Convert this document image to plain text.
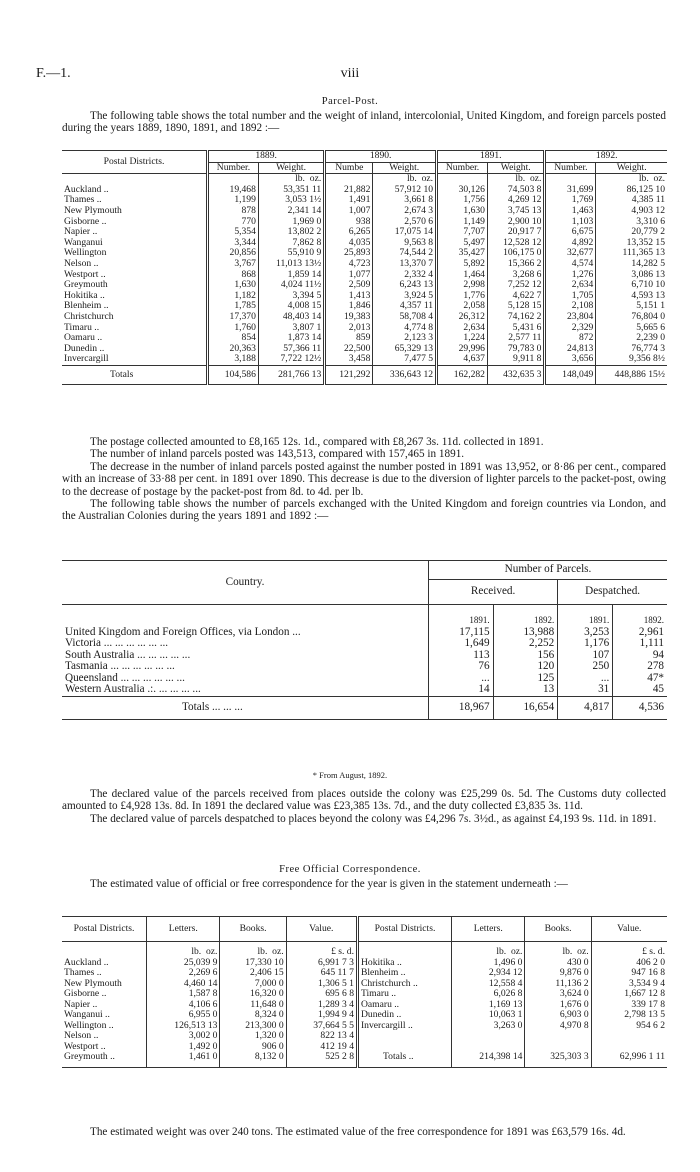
F.—1.	viii
Parcel-Post.
The following table shows the total number and the weight of inland, intercolonial, United Kingdom, and foreign parcels posted during the years 1889, 1890, 1891, and 1892 :—
Postal Districts.	1889.		1890.		1891.		1892.	
	Number.	Weight.	Numbe	Weight.	Number.	Weight.	Number.	Weight.
		lb. oz.		lb. oz.		lb. oz.		lb. oz.
Auckland ..	19,468	53,351 11	21,882	57,912 10	30,126	74,503 8	31,699	86,125 10
Thames ..	1,199	3,053 1½	1,491	3,661 8	1,756	4,269 12	1,769	4,385 11
New Plymouth	878	2,341 14	1,007	2,674 3	1,630	3,745 13	1,463	4,903 12
Gisborne ..	770	1,969 0	938	2,570 6	1,149	2,900 10	1,103	3,310 6
Napier ..	5,354	13,802 2	6,265	17,075 14	7,707	20,917 7	6,675	20,779 2
Wanganui	3,344	7,862 8	4,035	9,563 8	5,497	12,528 12	4,892	13,352 15
Wellington	20,856	55,910 9	25,893	74,544 2	35,427	106,175 0	32,677	111,365 13
Nelson ..	3,767	11,013 13½	4,723	13,370 7	5,892	15,366 2	4,574	14,282 5
Westport ..	868	1,859 14	1,077	2,332 4	1,464	3,268 6	1,276	3,086 13
Greymouth	1,630	4,024 11½	2,509	6,243 13	2,998	7,252 12	2,634	6,710 10
Hokitika ..	1,182	3,394 5	1,413	3,924 5	1,776	4,622 7	1,705	4,593 13
Blenheim ..	1,785	4,008 15	1,846	4,357 11	2,058	5,128 15	2,108	5,151 1
Christchurch	17,370	48,403 14	19,383	58,708 4	26,312	74,162 2	23,804	76,804 0
Timaru ..	1,760	3,807 1	2,013	4,774 8	2,634	5,431 6	2,329	5,665 6
Oamaru ..	854	1,873 14	859	2,123 3	1,224	2,577 11	872	2,239 0
Dunedin ..	20,363	57,366 11	22,500	65,329 13	29,996	79,783 0	24,813	76,774 3
Invercargill	3,188	7,722 12½	3,458	7,477 5	4,637	9,911 8	3,656	9,356 8½
Totals	104,586	281,766 13	121,292	336,643 12	162,282	432,635 3	148,049	448,886 15½
The postage collected amounted to £8,165 12s. 1d., compared with £8,267 3s. 11d. collected in 1891.
The number of inland parcels posted was 143,513, compared with 157,465 in 1891.
The decrease in the number of inland parcels posted against the number posted in 1891 was 13,952, or 8·86 per cent., compared with an increase of 33·88 per cent. in 1891 over 1890. This decrease is due to the diversion of lighter parcels to the packet-post, owing to the decrease of postage by the packet-post from 8d. to 4d. per lb.
The following table shows the number of parcels exchanged with the United Kingdom and foreign countries via London, and the Australian Colonies during the years 1891 and 1892 :—
Country.	Number of Parcels.			
	Received.		Despatched.	
	1891.	1892.	1891.	1892.
United Kingdom and Foreign Offices, via London ...	17,115	13,988	3,253	2,961
Victoria ... ... ... ... ... ...	1,649	2,252	1,176	1,111
South Australia ... ... ... ... ...	113	156	107	94
Tasmania ... ... ... ... ... ...	76	120	250	278
Queensland ... ... ... ... ... ...	...	125	...	47*
Western Australia .:. ... ... ... ...	14	13	31	45
Totals ... ... ...	18,967	16,654	4,817	4,536
* From August, 1892.
The declared value of the parcels received from places outside the colony was £25,299 0s. 5d. The Customs duty collected amounted to £4,928 13s. 8d. In 1891 the declared value was £23,385 13s. 7d., and the duty collected £3,835 3s. 11d.
The declared value of parcels despatched to places beyond the colony was £4,296 7s. 3½d., as against £4,193 9s. 11d. in 1891.
Free Official Correspondence.
The estimated value of official or free correspondence for the year is given in the statement underneath :—
Postal Districts.	Letters.	Books.	Value.	Postal Districts.	Letters.	Books.	Value.
	lb. oz.	lb. oz.	£ s. d.		lb. oz.	lb. oz.	£ s. d.
Auckland ..	25,039 9	17,330 10	6,991 7 3	Hokitika ..	1,496 0	430 0	406 2 0
Thames ..	2,269 6	2,406 15	645 11 7	Blenheim ..	2,934 12	9,876 0	947 16 8
New Plymouth	4,460 14	7,000 0	1,306 5 1	Christchurch ..	12,558 4	11,136 2	3,534 9 4
Gisborne ..	1,587 8	16,320 0	695 6 8	Timaru ..	6,026 8	3,624 0	1,667 12 8
Napier ..	4,106 6	11,648 0	1,289 3 4	Oamaru ..	1,169 13	1,676 0	339 17 8
Wanganui ..	6,955 0	8,324 0	1,994 9 4	Dunedin ..	10,063 1	6,903 0	2,798 13 5
Wellington ..	126,513 13	213,300 0	37,664 5 5	Invercargill ..	3,263 0	4,970 8	954 6 2
Nelson ..	3,002 0	1,320 0	822 13 4				
Westport ..	1,492 0	906 0	412 19 4				
Greymouth ..	1,461 0	8,132 0	525 2 8	Totals ..	214,398 14	325,303 3	62,996 1 11

The estimated weight was over 240 tons. The estimated value of the free correspondence for 1891 was £63,579 16s. 4d.
